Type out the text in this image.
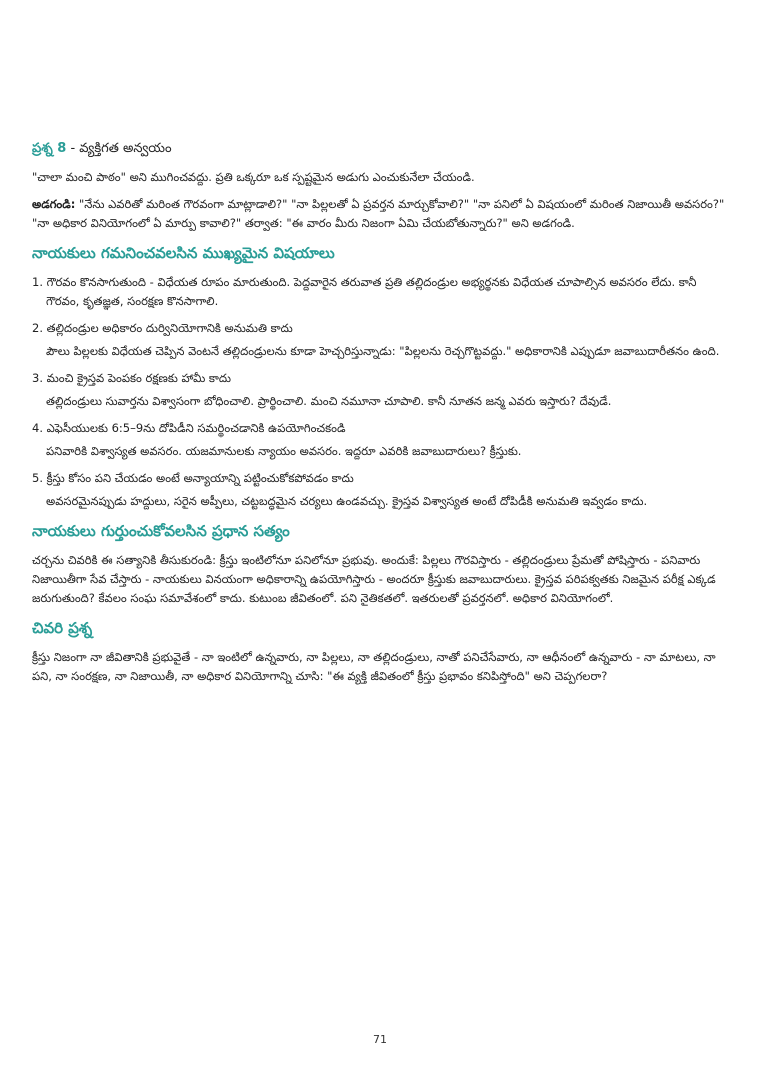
ప్రశ్న 8 - వ్యక్తిగత అన్వయం

"చాలా మంచి పాఠం" అని ముగించవద్దు. ప్రతి ఒక్కరూ ఒక స్పష్టమైన అడుగు ఎంచుకునేలా చేయండి.

అడగండి: "నేను ఎవరితో మరింత గౌరవంగా మాట్లాడాలి?" "నా పిల్లలతో ఏ ప్రవర్తన మార్చుకోవాలి?" "నా పనిలో ఏ విషయంలో మరింత నిజాయితీ అవసరం?" "నా అధికార వినియోగంలో ఏ మార్పు కావాలి?" తర్వాత: "ఈ వారం మీరు నిజంగా ఏమి చేయబోతున్నారు?" అని అడగండి.

నాయకులు గమనించవలసిన ముఖ్యమైన విషయాలు

1. గౌరవం కొనసాగుతుంది - విధేయత రూపం మారుతుంది. పెద్దవారైన తరువాత ప్రతి తల్లిదండ్రుల అభ్యర్థనకు విధేయత చూపాల్సిన అవసరం లేదు. కానీ గౌరవం, కృతజ్ఞత, సంరక్షణ కొనసాగాలి.

2. తల్లిదండ్రుల అధికారం దుర్వినియోగానికి అనుమతి కాదు

పౌలు పిల్లలకు విధేయత చెప్పిన వెంటనే తల్లిదండ్రులను కూడా హెచ్చరిస్తున్నాడు: "పిల్లలను రెచ్చగొట్టవద్దు." అధికారానికి ఎప్పుడూ జవాబుదారీతనం ఉంది.

3. మంచి క్రైస్తవ పెంపకం రక్షణకు హామీ కాదు

తల్లిదండ్రులు సువార్తను విశ్వాసంగా బోధించాలి. ప్రార్థించాలి. మంచి నమూనా చూపాలి. కానీ నూతన జన్మ ఎవరు ఇస్తారు? దేవుడే.

4. ఎఫెసీయులకు 6:5–9ను దోపిడీని సమర్థించడానికి ఉపయోగించకండి

పనివారికి విశ్వాస్యత అవసరం. యజమానులకు న్యాయం అవసరం. ఇద్దరూ ఎవరికి జవాబుదారులు? క్రీస్తుకు.

5. క్రీస్తు కోసం పని చేయడం అంటే అన్యాయాన్ని పట్టించుకోకపోవడం కాదు

అవసరమైనప్పుడు హద్దులు, సరైన అప్పీలు, చట్టబద్ధమైన చర్యలు ఉండవచ్చు. క్రైస్తవ విశ్వాస్యత అంటే దోపిడీకి అనుమతి ఇవ్వడం కాదు.

నాయకులు గుర్తుంచుకోవలసిన ప్రధాన సత్యం

చర్చను చివరికి ఈ సత్యానికి తీసుకురండి: క్రీస్తు ఇంటిలోనూ పనిలోనూ ప్రభువు. అందుకే: పిల్లలు గౌరవిస్తారు - తల్లిదండ్రులు ప్రేమతో పోషిస్తారు - పనివారు నిజాయితీగా సేవ చేస్తారు - నాయకులు వినయంగా అధికారాన్ని ఉపయోగిస్తారు - అందరూ క్రీస్తుకు జవాబుదారులు. క్రైస్తవ పరిపక్వతకు నిజమైన పరీక్ష ఎక్కడ జరుగుతుంది? కేవలం సంఘ సమావేశంలో కాదు. కుటుంబ జీవితంలో. పని నైతికతలో. ఇతరులతో ప్రవర్తనలో. అధికార వినియోగంలో.

చివరి ప్రశ్న

క్రీస్తు నిజంగా నా జీవితానికి ప్రభువైతే - నా ఇంటిలో ఉన్నవారు, నా పిల్లలు, నా తల్లిదండ్రులు, నాతో పనిచేసేవారు, నా ఆధీనంలో ఉన్నవారు - నా మాటలు, నా పని, నా సంరక్షణ, నా నిజాయితీ, నా అధికార వినియోగాన్ని చూసి: "ఈ వ్యక్తి జీవితంలో క్రీస్తు ప్రభావం కనిపిస్తోంది" అని చెప్పగలరా?

71
